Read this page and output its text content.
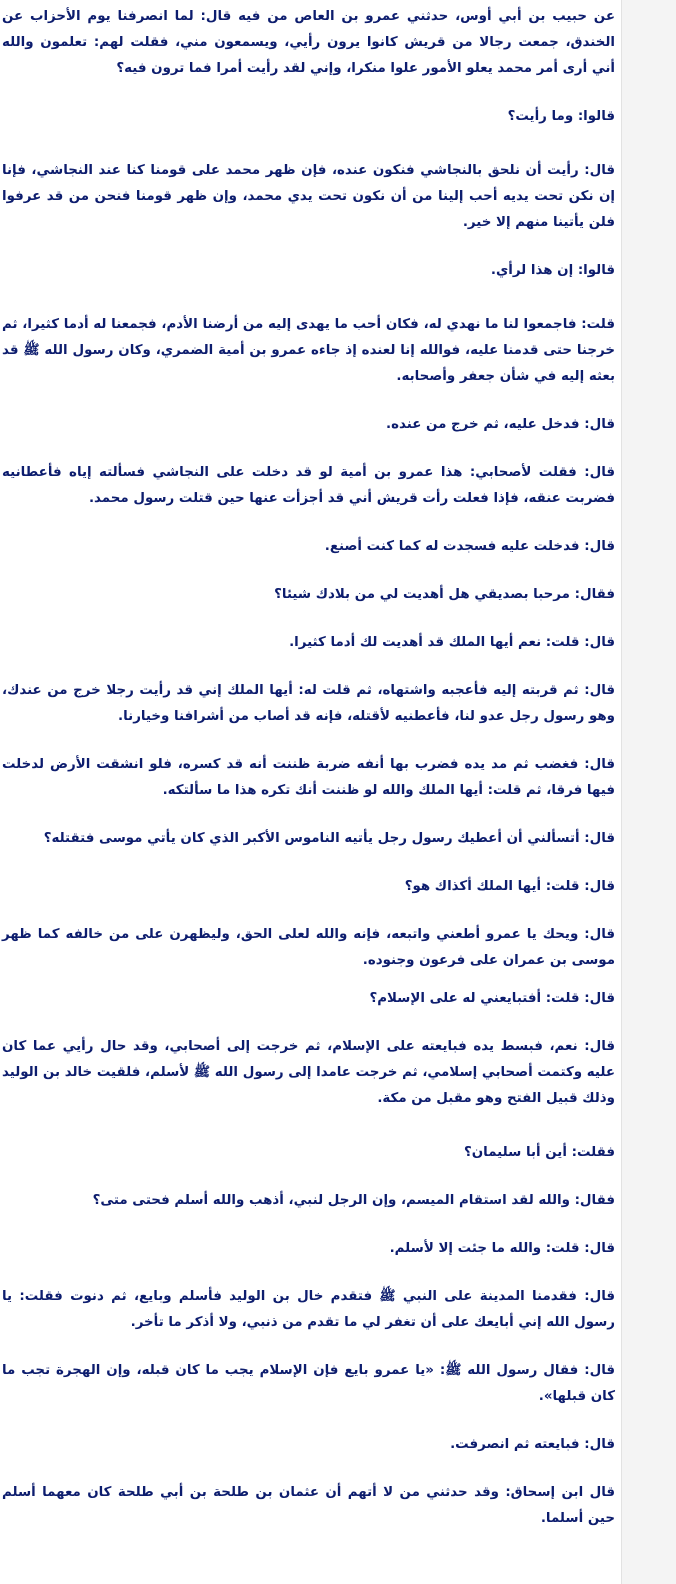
عن حبيب بن أبي أوس، حدثني عمرو بن العاص من فيه قال: لما انصرفنا يوم الأحزاب عن الخندق، جمعت رجالا من قريش كانوا يرون رأيي، ويسمعون مني، فقلت لهم: تعلمون والله أني أرى أمر محمد يعلو الأمور علوا منكرا، وإني لقد رأيت أمرا فما ترون فيه؟

قالوا: وما رأيت؟

قال: رأيت أن نلحق بالنجاشي فنكون عنده، فإن ظهر محمد على قومنا كنا عند النجاشي، فإنا إن نكن تحت يديه أحب إلينا من أن نكون تحت يدي محمد، وإن ظهر قومنا فنحن من قد عرفوا فلن يأتينا منهم إلا خير.

قالوا: إن هذا لرأي.

قلت: فاجمعوا لنا ما نهدي له، فكان أحب ما يهدى إليه من أرضنا الأدم، فجمعنا له أدما كثيرا، ثم خرجنا حتى قدمنا عليه، فوالله إنا لعنده إذ جاءه عمرو بن أمية الضمري، وكان رسول الله ﷺ قد بعثه إليه في شأن جعفر وأصحابه.

قال: فدخل عليه، ثم خرج من عنده.

قال: فقلت لأصحابي: هذا عمرو بن أمية لو قد دخلت على النجاشي فسألته إياه فأعطانيه فضربت عنقه، فإذا فعلت رأت قريش أني قد أجزأت عنها حين قتلت رسول محمد.

قال: فدخلت عليه فسجدت له كما كنت أصنع.

فقال: مرحبا بصديقي هل أهديت لي من بلادك شيئا؟

قال: قلت: نعم أيها الملك قد أهديت لك أدما كثيرا.

قال: ثم قربته إليه فأعجبه واشتهاه، ثم قلت له: أيها الملك إني قد رأيت رجلا خرج من عندك، وهو رسول رجل عدو لنا، فأعطنيه لأقتله، فإنه قد أصاب من أشرافنا وخيارنا.

قال: فغضب ثم مد يده فضرب بها أنفه ضربة ظننت أنه قد كسره، فلو انشقت الأرض لدخلت فيها فرقا، ثم قلت: أيها الملك والله لو ظننت أنك تكره هذا ما سألتكه.

قال: أتسألني أن أعطيك رسول رجل يأتيه الناموس الأكبر الذي كان يأتي موسى فتقتله؟

قال: قلت: أيها الملك أكذاك هو؟

قال: ويحك يا عمرو أطعني واتبعه، فإنه والله لعلى الحق، وليظهرن على من خالفه كما ظهر موسى بن عمران على فرعون وجنوده.

قال: قلت: أفتبايعني له على الإسلام؟

قال: نعم، فبسط يده فبايعته على الإسلام، ثم خرجت إلى أصحابي، وقد حال رأيي عما كان عليه وكتمت أصحابي إسلامي، ثم خرجت عامدا إلى رسول الله ﷺ لأسلم، فلقيت خالد بن الوليد وذلك قبيل الفتح وهو مقبل من مكة.

فقلت: أين أبا سليمان؟

فقال: والله لقد استقام الميسم، وإن الرجل لنبي، أذهب والله أسلم فحتى متى؟

قال: قلت: والله ما جئت إلا لأسلم.

قال: فقدمنا المدينة على النبي ﷺ فتقدم خال بن الوليد فأسلم وبايع، ثم دنوت فقلت: يا رسول الله إني أبايعك على أن تغفر لي ما تقدم من ذنبي، ولا أذكر ما تأخر.

قال: فقال رسول الله ﷺ: «يا عمرو بايع فإن الإسلام يجب ما كان قبله، وإن الهجرة تجب ما كان قبلها».

قال: فبايعته ثم انصرفت.

قال ابن إسحاق: وقد حدثني من لا أتهم أن عثمان بن طلحة بن أبي طلحة كان معهما أسلم حين أسلما.
